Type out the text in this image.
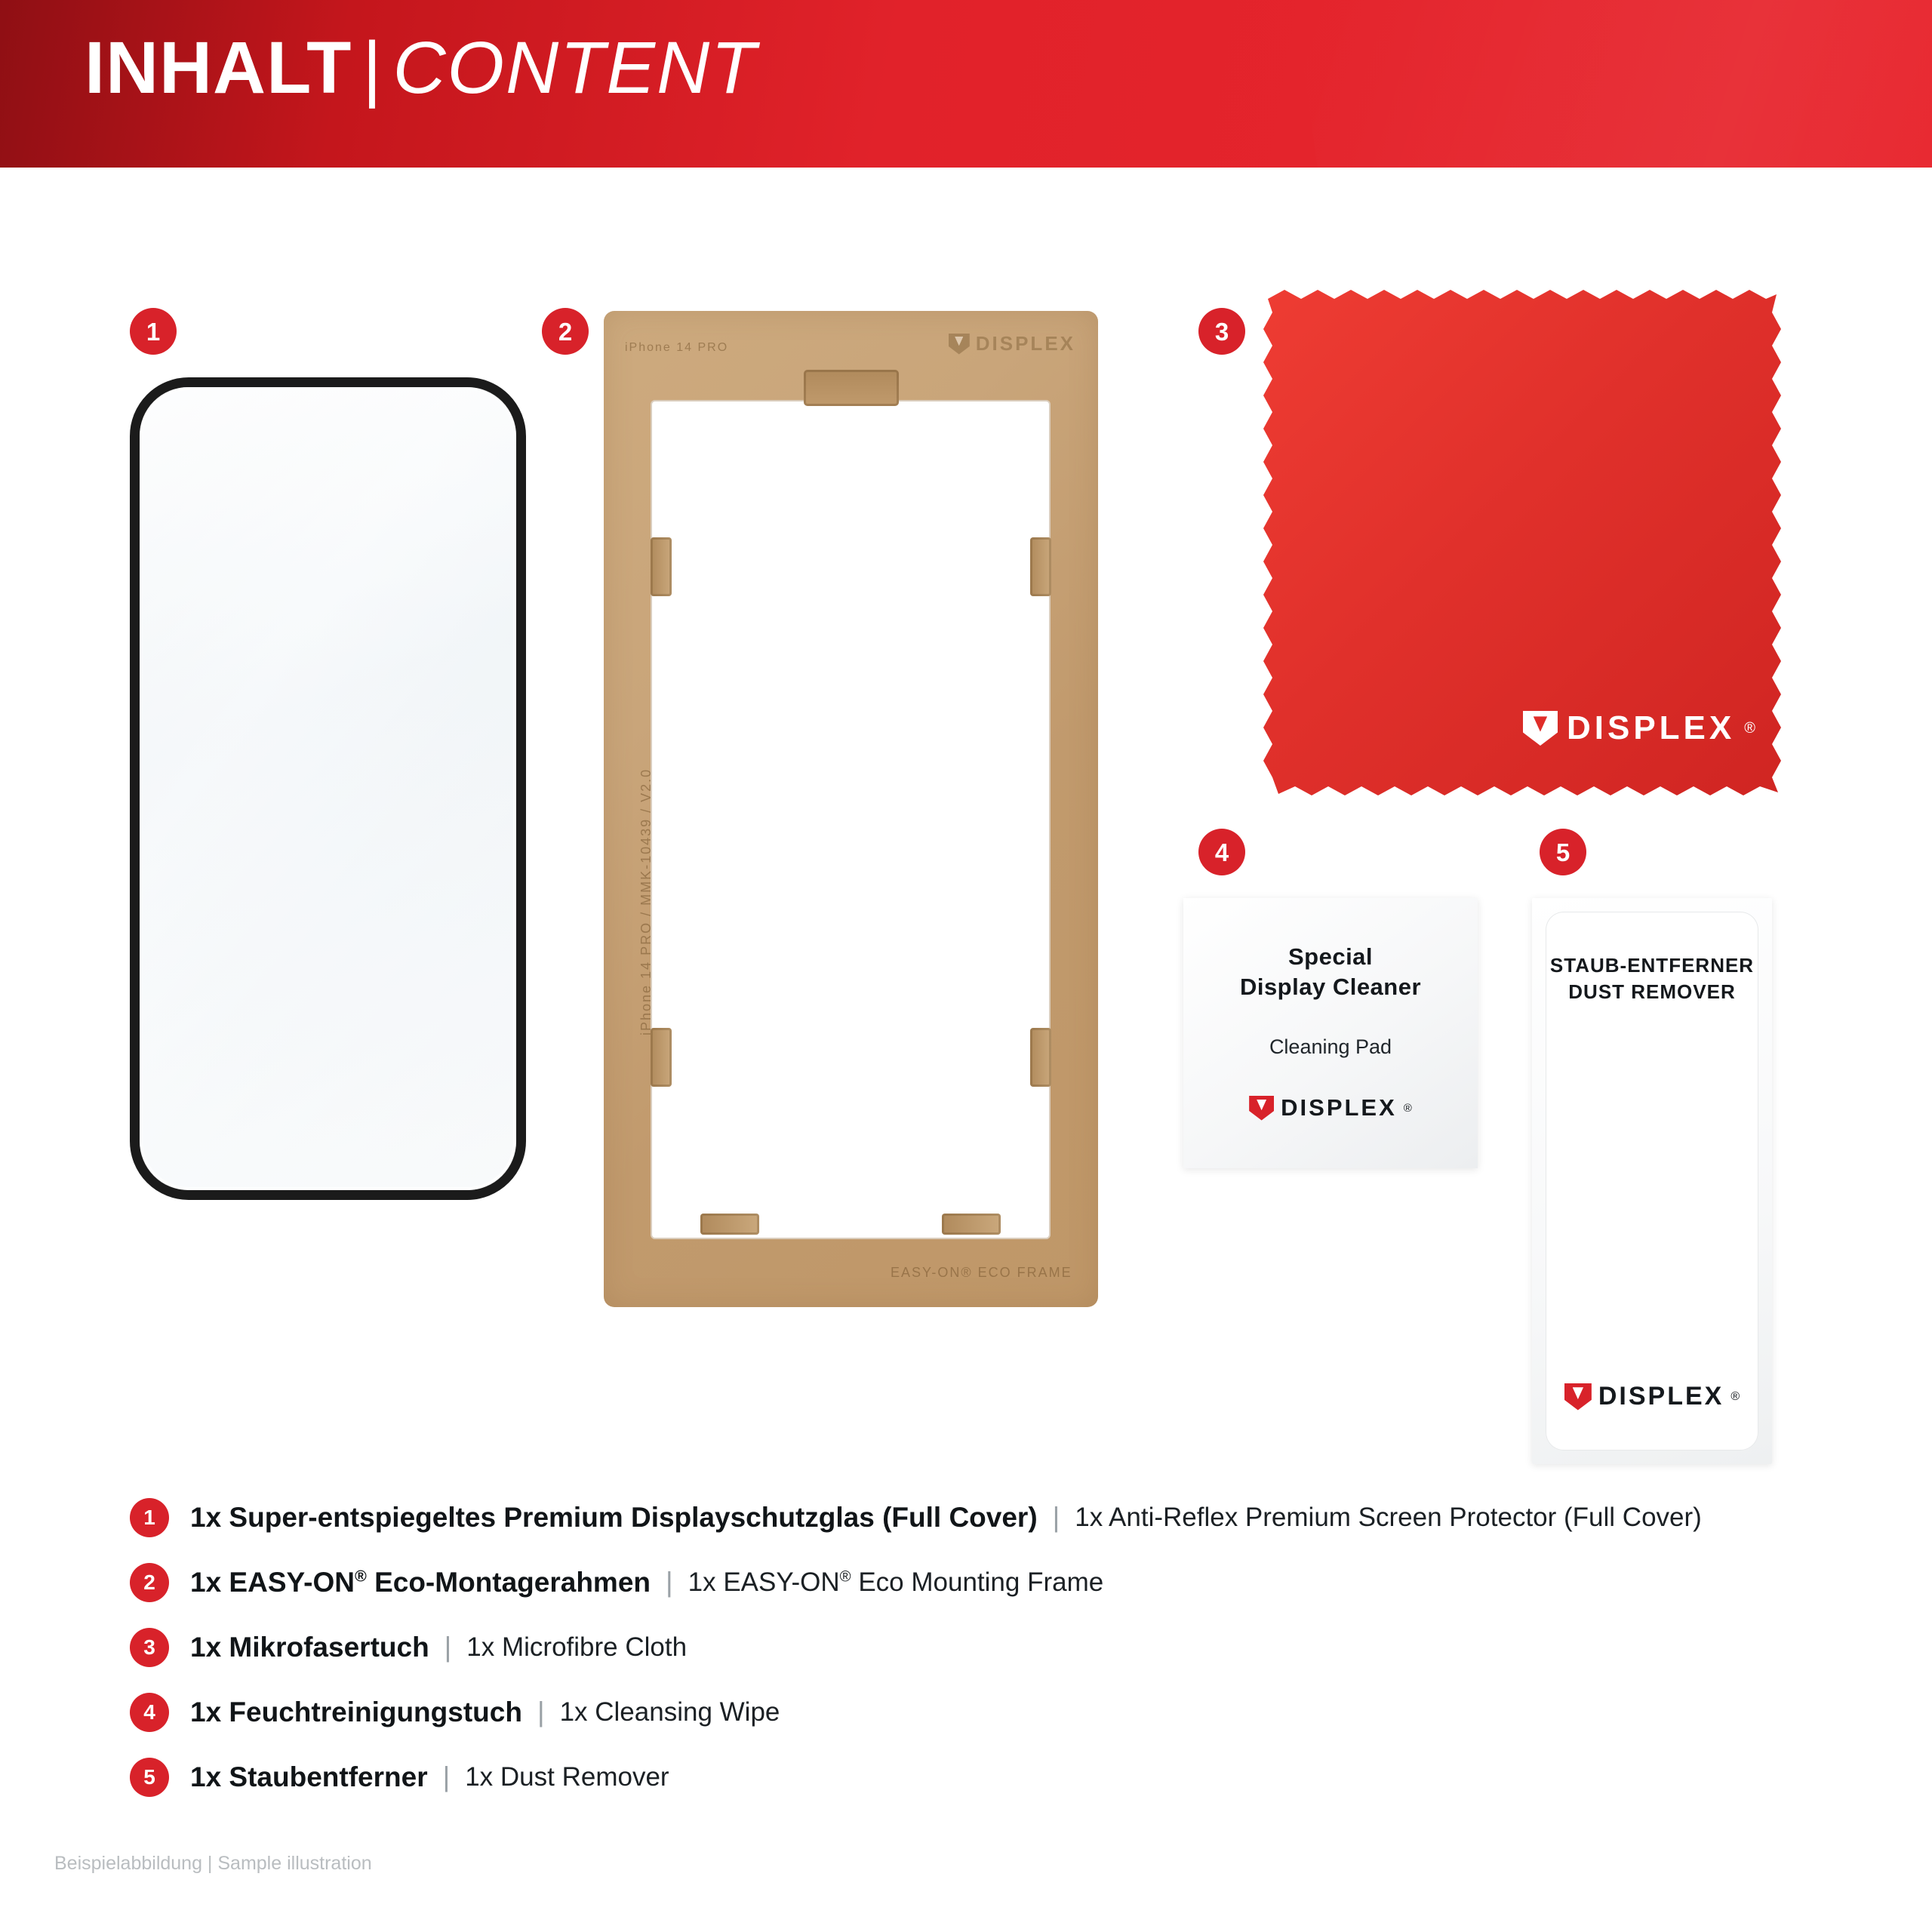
INHALT | CONTENT
1	2	DISPLEX
iPhone 14 PRO
iPhone 14 PRO / MMK-10439 / V2.0
EASY-ON® ECO FRAME
3
DISPLEX ®
4
Special
Display Cleaner
Cleaning Pad
DISPLEX ®
5
STAUB-ENTFERNER
DUST REMOVER
DISPLEX ®
1 1x Super-entspiegeltes Premium Displayschutzglas (Full Cover) | 1x Anti-Reflex Premium Screen Protector (Full Cover)
2 1x EASY-ON® Eco-Montagerahmen | 1x EASY-ON® Eco Mounting Frame
3 1x Mikrofasertuch | 1x Microfibre Cloth
4 1x Feuchtreinigungstuch | 1x Cleansing Wipe
5 1x Staubentferner | 1x Dust Remover
Beispielabbildung | Sample illustration
